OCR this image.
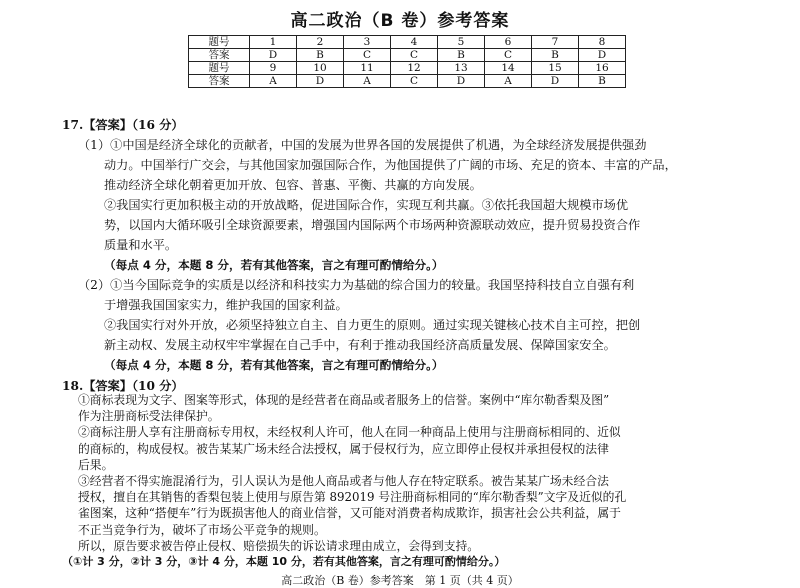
高二政治（B 卷）参考答案
题号	1	2	3	4	5	6	7	8
答案	D	B	C	C	B	C	B	D
题号	9	10	11	12	13	14	15	16
答案	A	D	A	C	D	A	D	B
17.【答案】（16 分）
（1）①中国是经济全球化的贡献者，中国的发展为世界各国的发展提供了机遇，为全球经济发展提供强劲
动力。中国举行广交会，与其他国家加强国际合作，为他国提供了广阔的市场、充足的资本、丰富的产品，
推动经济全球化朝着更加开放、包容、普惠、平衡、共赢的方向发展。
②我国实行更加积极主动的开放战略，促进国际合作，实现互利共赢。③依托我国超大规模市场优
势，以国内大循环吸引全球资源要素，增强国内国际两个市场两种资源联动效应，提升贸易投资合作
质量和水平。
（每点 4 分，本题 8 分，若有其他答案，言之有理可酌情给分。）
（2）①当今国际竞争的实质是以经济和科技实力为基础的综合国力的较量。我国坚持科技自立自强有利
于增强我国国家实力，维护我国的国家利益。
②我国实行对外开放，必须坚持独立自主、自力更生的原则。通过实现关键核心技术自主可控，把创
新主动权、发展主动权牢牢掌握在自己手中，有利于推动我国经济高质量发展、保障国家安全。
（每点 4 分，本题 8 分，若有其他答案，言之有理可酌情给分。）
18.【答案】（10 分）
①商标表现为文字、图案等形式，体现的是经营者在商品或者服务上的信誉。案例中“库尔勒香梨及图”
作为注册商标受法律保护。
②商标注册人享有注册商标专用权，未经权利人许可，他人在同一种商品上使用与注册商标相同的、近似
的商标的，构成侵权。被告某某广场未经合法授权，属于侵权行为，应立即停止侵权并承担侵权的法律
后果。
③经营者不得实施混淆行为，引人误认为是他人商品或者与他人存在特定联系。被告某某广场未经合法
授权，擅自在其销售的香梨包装上使用与原告第 892019 号注册商标相同的“库尔勒香梨”文字及近似的孔
雀图案，这种“搭便车”行为既损害他人的商业信誉，又可能对消费者构成欺诈，损害社会公共利益，属于
不正当竞争行为，破坏了市场公平竞争的规则。
所以，原告要求被告停止侵权、赔偿损失的诉讼请求理由成立，会得到支持。
高二政治（B 卷）参考答案　第 1 页（共 4 页）
（①计 3 分，②计 3 分，③计 4 分，本题 10 分，若有其他答案，言之有理可酌情给分。）
